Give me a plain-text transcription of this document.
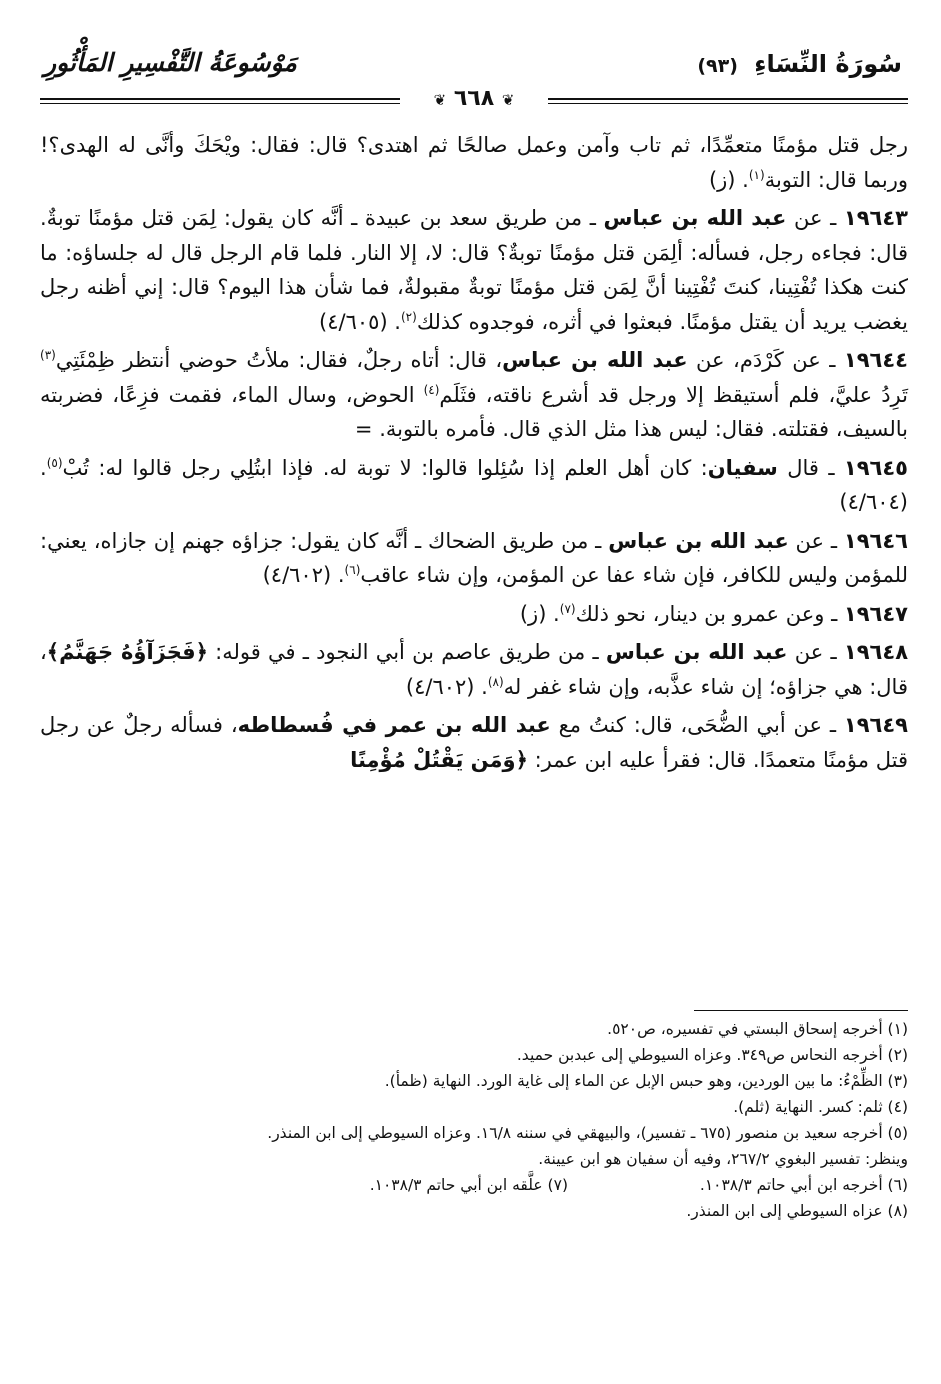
سُورَةُ النِّسَاءِ (٩٣)
مَوْسُوعَةُ التَّفْسِيرِ المَأْثُورِ
❦ ٦٦٨ ❦

رجل قتل مؤمنًا متعمِّدًا، ثم تاب وآمن وعمل صالحًا ثم اهتدى؟ قال: فقال: ويْحَكَ وأنَّى له الهدى؟! وربما قال: التوبة$^{(١)}$. (ز)

١٩٦٤٣ ـ عن عبد الله بن عباس ـ من طريق سعد بن عبيدة ـ أنَّه كان يقول: لِمَن قتل مؤمنًا توبةٌ. قال: فجاءه رجل، فسأله: ألِمَن قتل مؤمنًا توبةٌ؟ قال: لا، إلا النار. فلما قام الرجل قال له جلساؤه: ما كنت هكذا تُفْتِينا، كنتَ تُفْتِينا أنَّ لِمَن قتل مؤمنًا توبةٌ مقبولةٌ، فما شأن هذا اليوم؟ قال: إني أظنه رجل يغضب يريد أن يقتل مؤمنًا. فبعثوا في أثره، فوجدوه كذلك$^{(٢)}$. (٤/٦٠٥)

١٩٦٤٤ ـ عن كَرْدَم، عن عبد الله بن عباس، قال: أتاه رجلٌ، فقال: ملأتُ حوضي أنتظر ظِمْئَتِي$^{(٣)}$ تَرِدُ عليَّ، فلم أستيقظ إلا ورجل قد أشرع ناقته، فثَلَم$^{(٤)}$ الحوض، وسال الماء، فقمت فزِعًا، فضربته بالسيف، فقتلته. فقال: ليس هذا مثل الذي قال. فأمره بالتوبة. =

١٩٦٤٥ ـ قال سفيان: كان أهل العلم إذا سُئِلوا قالوا: لا توبة له. فإذا ابتُلِي رجل قالوا له: تُبْ$^{(٥)}$. (٤/٦٠٤)

١٩٦٤٦ ـ عن عبد الله بن عباس ـ من طريق الضحاك ـ أنَّه كان يقول: جزاؤه جهنم إن جازاه، يعني: للمؤمن وليس للكافر، فإن شاء عفا عن المؤمن، وإن شاء عاقب$^{(٦)}$. (٤/٦٠٢)

١٩٦٤٧ ـ وعن عمرو بن دينار، نحو ذلك$^{(٧)}$. (ز)

١٩٦٤٨ ـ عن عبد الله بن عباس ـ من طريق عاصم بن أبي النجود ـ في قوله: ﴿فَجَزَآؤُهُ جَهَنَّمُ﴾، قال: هي جزاؤه؛ إن شاء عذَّبه، وإن شاء غفر له$^{(٨)}$. (٤/٦٠٢)

١٩٦٤٩ ـ عن أبي الضُّحَى، قال: كنتُ مع عبد الله بن عمر في فُسطاطه، فسأله رجلٌ عن رجل قتل مؤمنًا متعمدًا. قال: فقرأ عليه ابن عمر: ﴿وَمَن يَقْتُلْ مُؤْمِنًا

(١) أخرجه إسحاق البستي في تفسيره، ص٥٢٠.

(٢) أخرجه النحاس ص٣٤٩. وعزاه السيوطي إلى عبدبن حميد.

(٣) الظِّمْءُ: ما بين الوردين، وهو حبس الإبل عن الماء إلى غاية الورد. النهاية (ظمأ).

(٤) ثلم: كسر. النهاية (ثلم).

(٥) أخرجه سعيد بن منصور (٦٧٥ ـ تفسير)، والبيهقي في سننه ١٦/٨. وعزاه السيوطي إلى ابن المنذر.

وينظر: تفسير البغوي ٢٦٧/٢، وفيه أن سفيان هو ابن عيينة.

(٦) أخرجه ابن أبي حاتم ١٠٣٨/٣.
(٧) علَّقه ابن أبي حاتم ١٠٣٨/٣.

(٨) عزاه السيوطي إلى ابن المنذر.
